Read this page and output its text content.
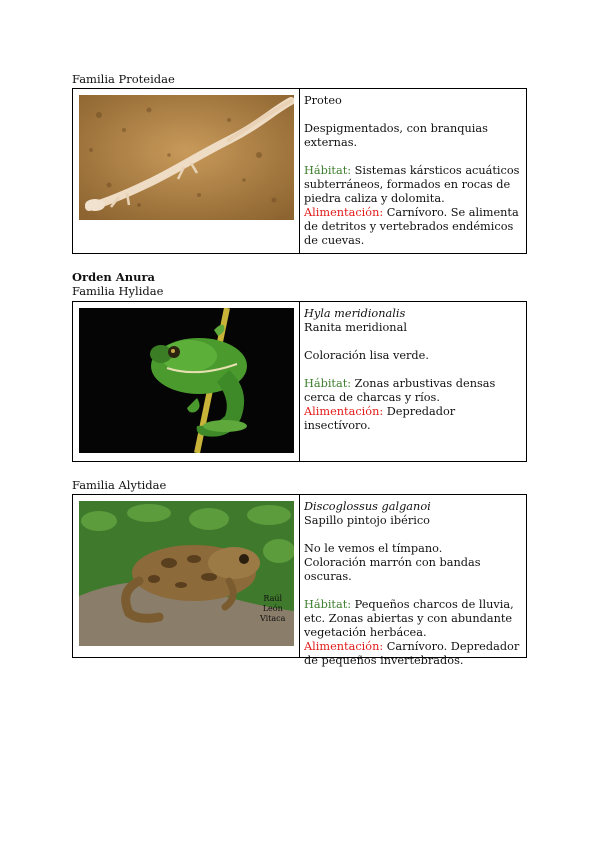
Familia Proteidae

Proteo

Despigmentados, con branquias externas.

Hábitat: Sistemas kársticos acuáticos subterráneos, formados en rocas de piedra caliza y dolomita.

Alimentación: Carnívoro. Se alimenta de detritos y vertebrados endémicos de cuevas.

Orden Anura
Familia Hylidae

Hyla meridionalis

Ranita meridional

Coloración lisa verde.

Hábitat: Zonas arbustivas densas cerca de charcas y ríos.

Alimentación: Depredador insectívoro.

Familia Alytidae

Discoglossus galganoi

Sapillo pintojo ibérico

No le vemos el tímpano.

Coloración marrón con bandas oscuras.

Hábitat: Pequeños charcos de lluvia, etc. Zonas abiertas y con abundante vegetación herbácea.

Alimentación: Carnívoro. Depredador de pequeños invertebrados.

Raúl
León
Vitaca
